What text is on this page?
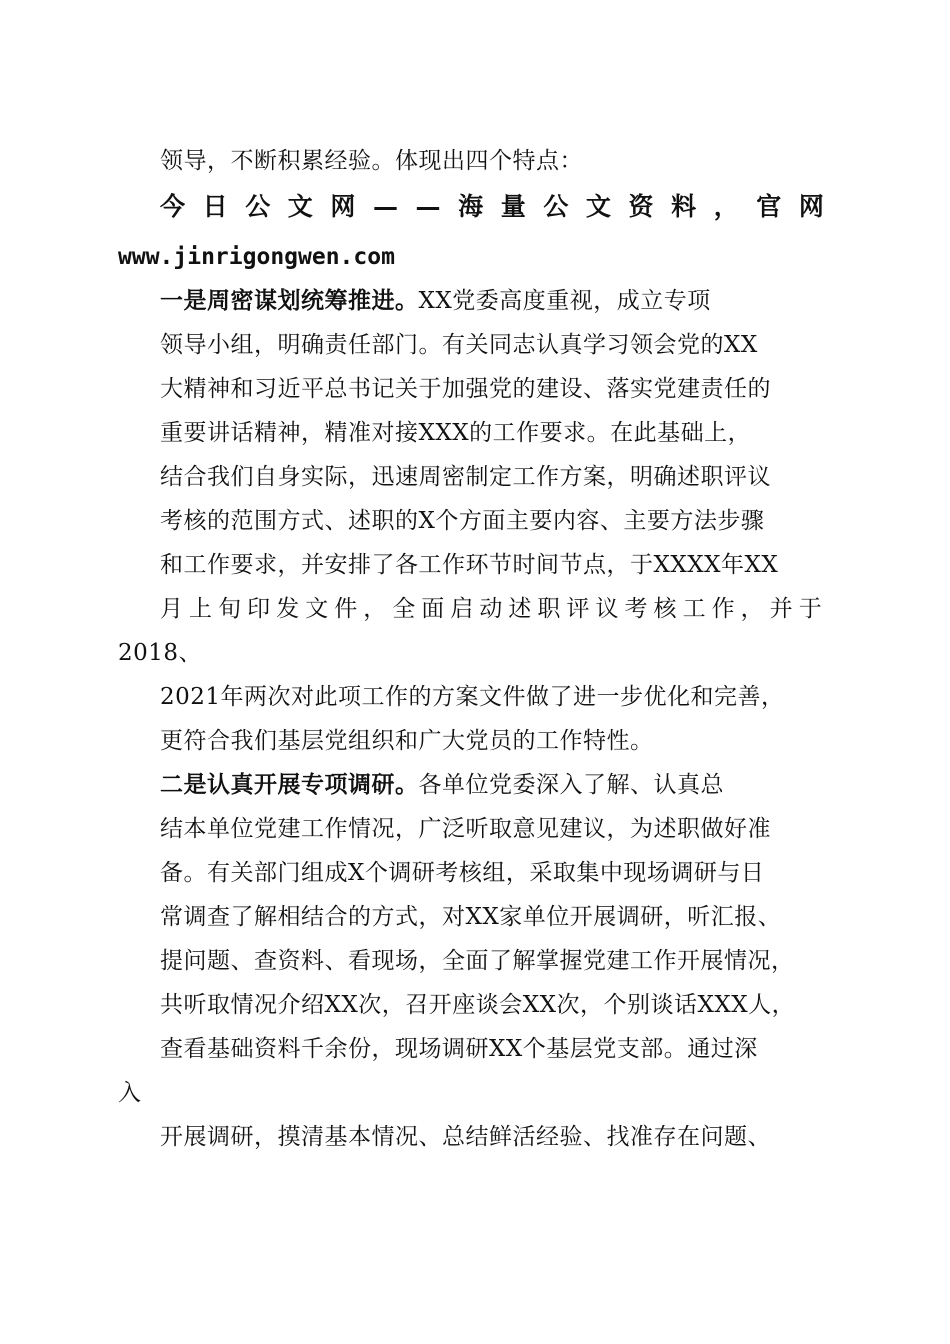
领导，不断积累经验。体现出四个特点：
今 日 公 文 网 — — 海 量 公 文 资 料 ， 官 网
www.jinrigongwen.com
一是周密谋划统筹推进。XX党委高度重视，成立专项
领导小组，明确责任部门。有关同志认真学习领会党的XX
大精神和习近平总书记关于加强党的建设、落实党建责任的
重要讲话精神，精准对接XXX的工作要求。在此基础上，
结合我们自身实际，迅速周密制定工作方案，明确述职评议
考核的范围方式、述职的X个方面主要内容、主要方法步骤
和工作要求，并安排了各工作环节时间节点，于XXXX年XX
月 上 旬 印 发 文 件 ， 全 面 启 动 述 职 评 议 考 核 工 作 ， 并 于
2018、
2021年两次对此项工作的方案文件做了进一步优化和完善，
更符合我们基层党组织和广大党员的工作特性。
二是认真开展专项调研。各单位党委深入了解、认真总
结本单位党建工作情况，广泛听取意见建议，为述职做好准
备。有关部门组成X个调研考核组，采取集中现场调研与日
常调查了解相结合的方式，对XX家单位开展调研，听汇报、
提问题、查资料、看现场，全面了解掌握党建工作开展情况，
共听取情况介绍XX次，召开座谈会XX次，个别谈话XXX人，
查看基础资料千余份，现场调研XX个基层党支部。通过深
入
开展调研，摸清基本情况、总结鲜活经验、找准存在问题、
